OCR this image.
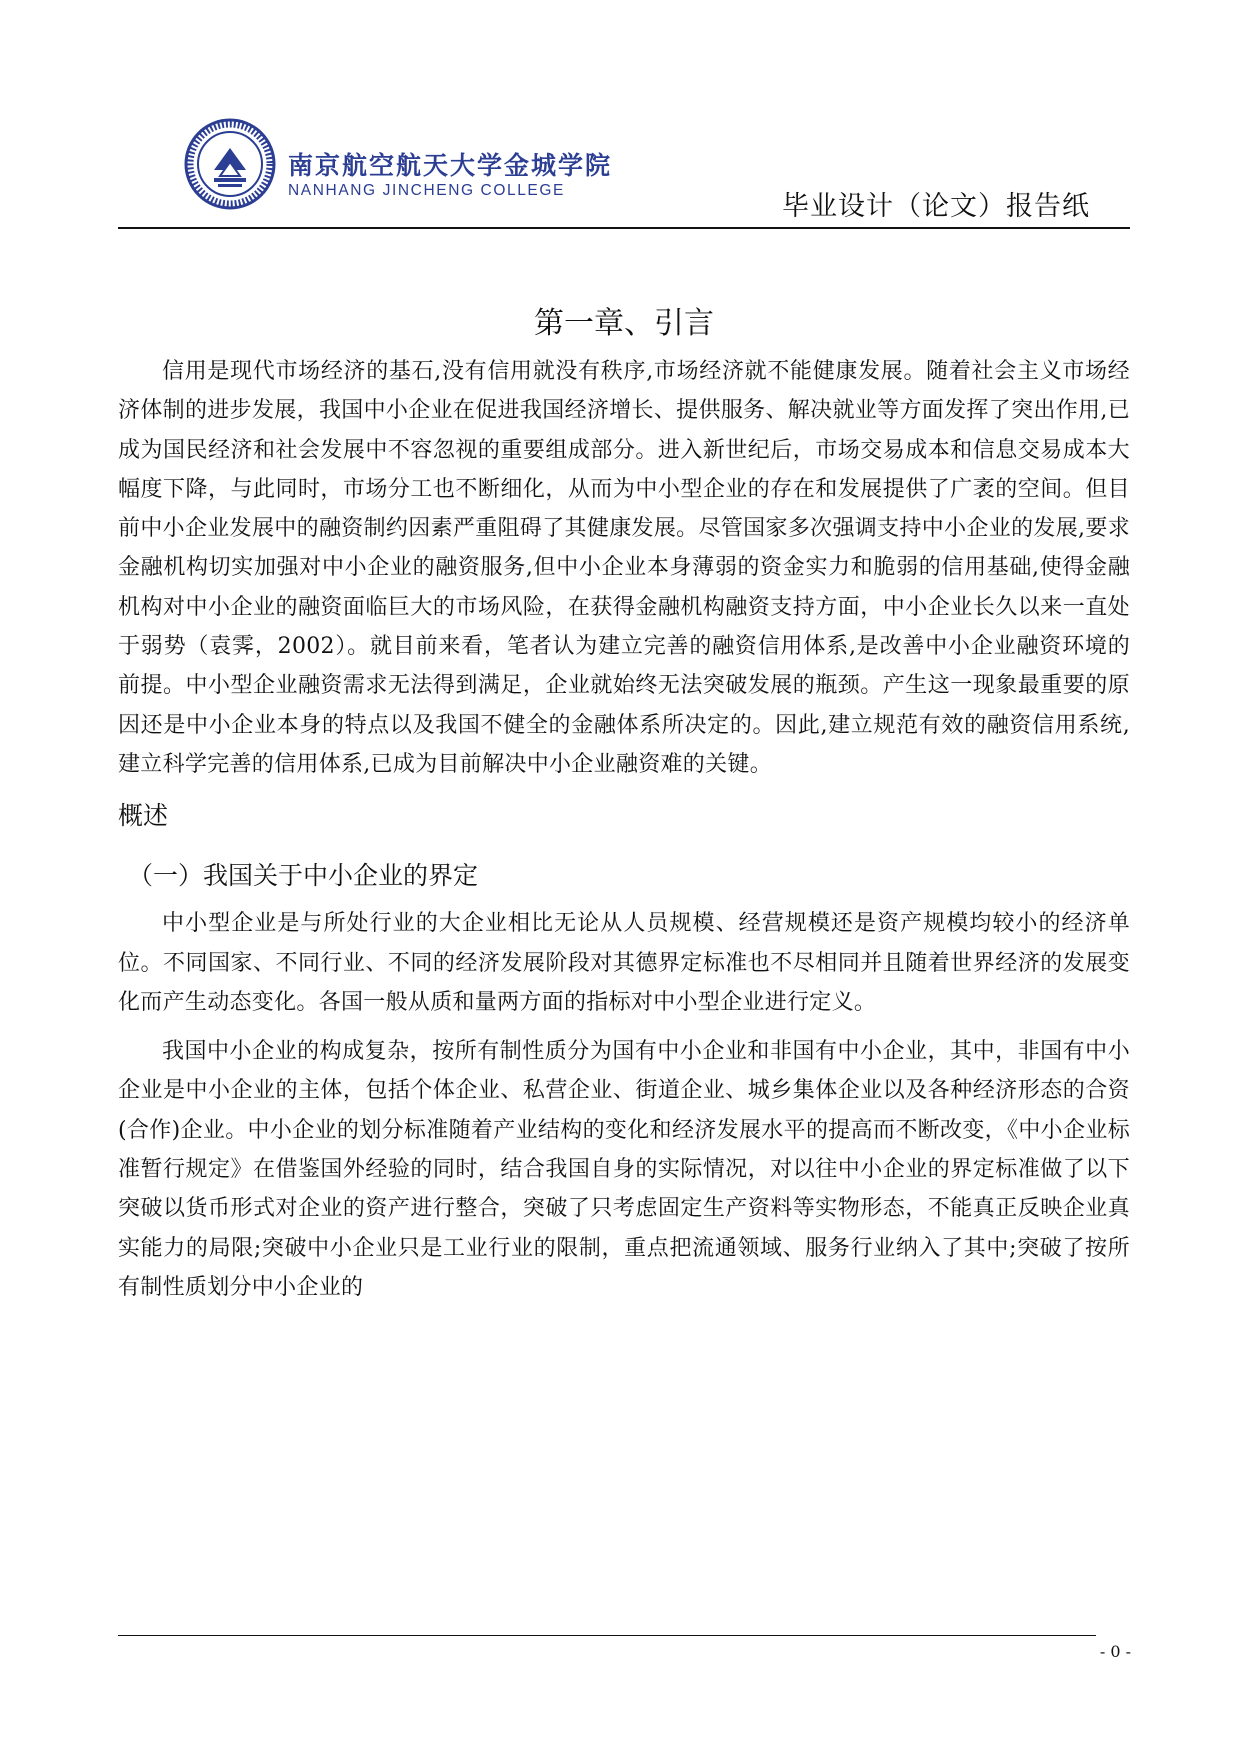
南京航空航天大学金城学院
NANHANG JINCHENG COLLEGE
毕业设计（论文）报告纸
第一章、引言

信用是现代市场经济的基石,没有信用就没有秩序,市场经济就不能健康发展。随着社会主义市场经济体制的进步发展，我国中小企业在促进我国经济增长、提供服务、解决就业等方面发挥了突出作用,已成为国民经济和社会发展中不容忽视的重要组成部分。进入新世纪后，市场交易成本和信息交易成本大幅度下降，与此同时，市场分工也不断细化，从而为中小型企业的存在和发展提供了广袤的空间。但目前中小企业发展中的融资制约因素严重阻碍了其健康发展。尽管国家多次强调支持中小企业的发展,要求金融机构切实加强对中小企业的融资服务,但中小企业本身薄弱的资金实力和脆弱的信用基础,使得金融机构对中小企业的融资面临巨大的市场风险，在获得金融机构融资支持方面，中小企业长久以来一直处于弱势（袁霁，2002）。就目前来看，笔者认为建立完善的融资信用体系,是改善中小企业融资环境的前提。中小型企业融资需求无法得到满足，企业就始终无法突破发展的瓶颈。产生这一现象最重要的原因还是中小企业本身的特点以及我国不健全的金融体系所决定的。因此,建立规范有效的融资信用系统,建立科学完善的信用体系,已成为目前解决中小企业融资难的关键。

概述
（一）我国关于中小企业的界定

中小型企业是与所处行业的大企业相比无论从人员规模、经营规模还是资产规模均较小的经济单位。不同国家、不同行业、不同的经济发展阶段对其德界定标准也不尽相同并且随着世界经济的发展变化而产生动态变化。各国一般从质和量两方面的指标对中小型企业进行定义。

我国中小企业的构成复杂，按所有制性质分为国有中小企业和非国有中小企业，其中，非国有中小企业是中小企业的主体，包括个体企业、私营企业、街道企业、城乡集体企业以及各种经济形态的合资(合作)企业。中小企业的划分标准随着产业结构的变化和经济发展水平的提高而不断改变，《中小企业标准暂行规定》在借鉴国外经验的同时，结合我国自身的实际情况，对以往中小企业的界定标准做了以下突破以货币形式对企业的资产进行整合，突破了只考虑固定生产资料等实物形态，不能真正反映企业真实能力的局限;突破中小企业只是工业行业的限制，重点把流通领域、服务行业纳入了其中;突破了按所有制性质划分中小企业的

- 0 -
